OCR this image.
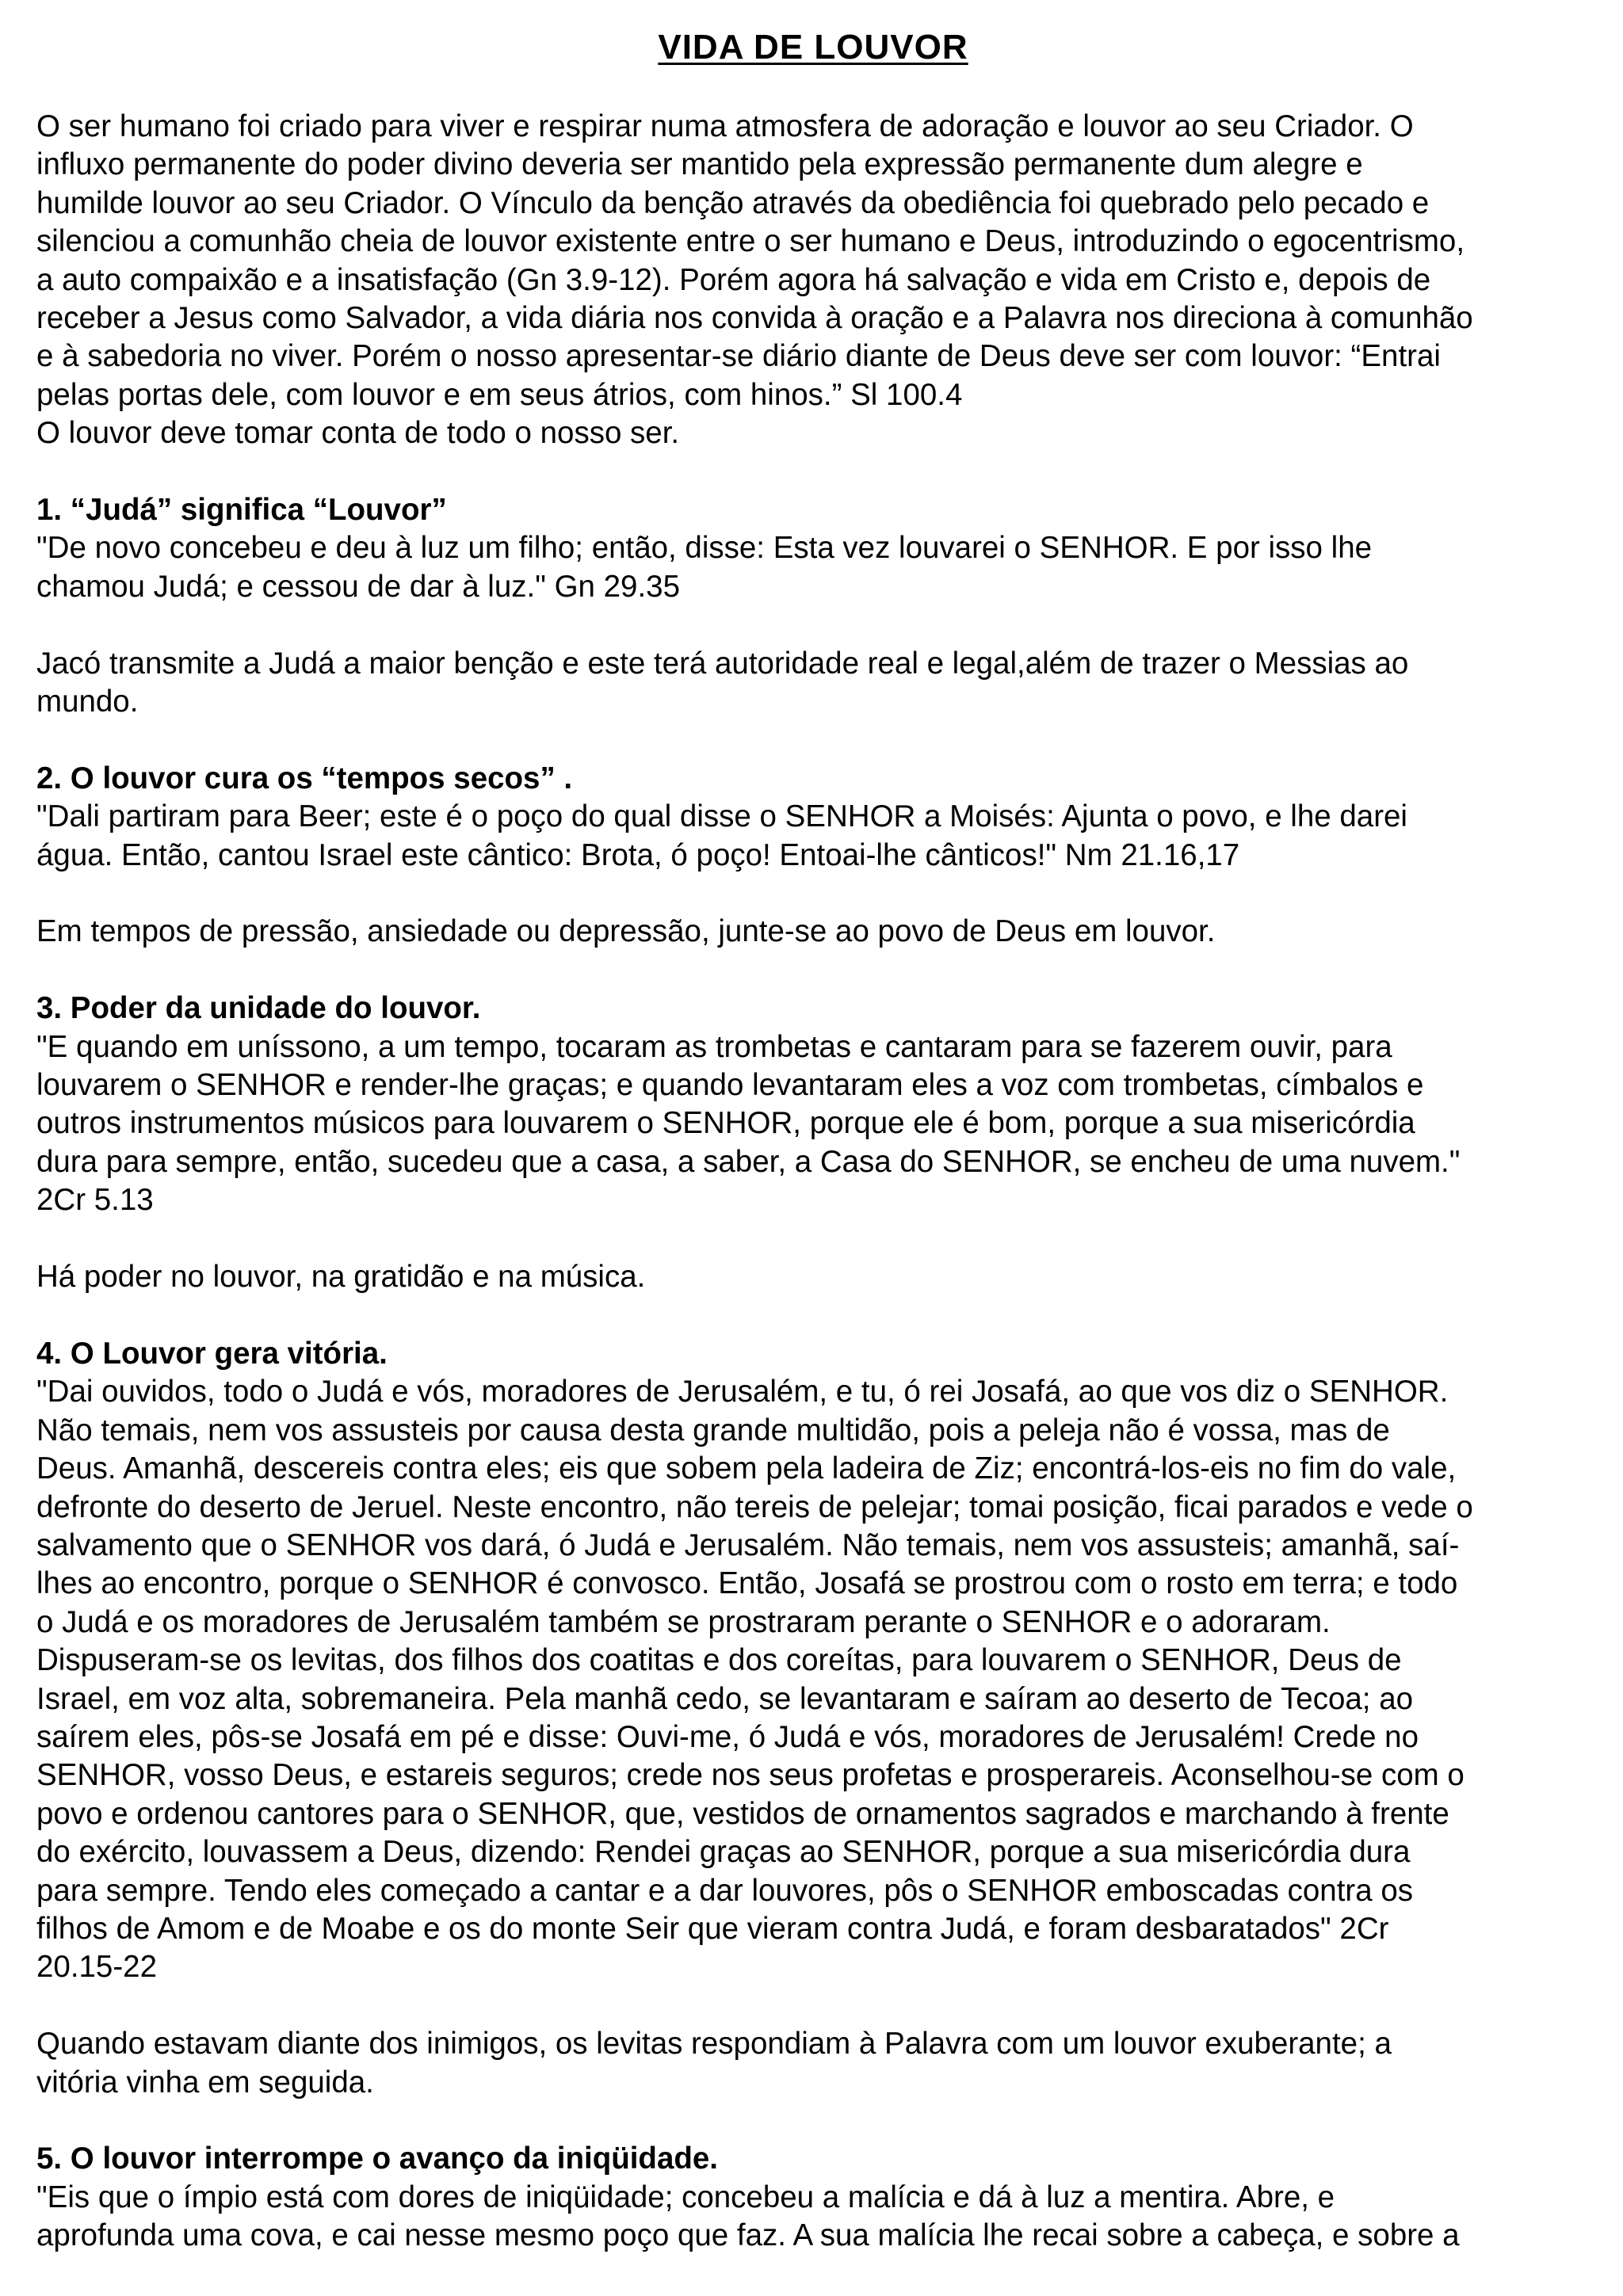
VIDA DE LOUVOR
O ser humano foi criado para viver e respirar numa atmosfera de adoração e louvor ao seu Criador. O
influxo permanente do poder divino deveria ser mantido pela expressão permanente dum alegre e
humilde louvor ao seu Criador. O Vínculo da benção através da obediência foi quebrado pelo pecado e
silenciou a comunhão cheia de louvor existente entre o ser humano e Deus, introduzindo o egocentrismo,
a auto compaixão e a insatisfação (Gn 3.9-12). Porém agora há salvação e vida em Cristo e, depois de
receber a Jesus como Salvador, a vida diária nos convida à oração e a Palavra nos direciona à comunhão
e à sabedoria no viver. Porém o nosso apresentar-se diário diante de Deus deve ser com louvor: “Entrai
pelas portas dele, com louvor e em seus átrios, com hinos.” Sl 100.4
O louvor deve tomar conta de todo o nosso ser.
1. “Judá” significa “Louvor”
"De novo concebeu e deu à luz um filho; então, disse: Esta vez louvarei o SENHOR. E por isso lhe
chamou Judá; e cessou de dar à luz." Gn 29.35
Jacó transmite a Judá a maior benção e este terá autoridade real e legal,além de trazer o Messias ao
mundo.
2. O louvor cura os “tempos secos” .
"Dali partiram para Beer; este é o poço do qual disse o SENHOR a Moisés: Ajunta o povo, e lhe darei
água. Então, cantou Israel este cântico: Brota, ó poço! Entoai-lhe cânticos!" Nm 21.16,17
Em tempos de pressão, ansiedade ou depressão, junte-se ao povo de Deus em louvor.
3. Poder da unidade do louvor.
"E quando em uníssono, a um tempo, tocaram as trombetas e cantaram para se fazerem ouvir, para
louvarem o SENHOR e render-lhe graças; e quando levantaram eles a voz com trombetas, címbalos e
outros instrumentos músicos para louvarem o SENHOR, porque ele é bom, porque a sua misericórdia
dura para sempre, então, sucedeu que a casa, a saber, a Casa do SENHOR, se encheu de uma nuvem."
2Cr 5.13
Há poder no louvor, na gratidão e na música.
4. O Louvor gera vitória.
"Dai ouvidos, todo o Judá e vós, moradores de Jerusalém, e tu, ó rei Josafá, ao que vos diz o SENHOR.
Não temais, nem vos assusteis por causa desta grande multidão, pois a peleja não é vossa, mas de
Deus. Amanhã, descereis contra eles; eis que sobem pela ladeira de Ziz; encontrá-los-eis no fim do vale,
defronte do deserto de Jeruel. Neste encontro, não tereis de pelejar; tomai posição, ficai parados e vede o
salvamento que o SENHOR vos dará, ó Judá e Jerusalém. Não temais, nem vos assusteis; amanhã, saí-
lhes ao encontro, porque o SENHOR é convosco. Então, Josafá se prostrou com o rosto em terra; e todo
o Judá e os moradores de Jerusalém também se prostraram perante o SENHOR e o adoraram.
Dispuseram-se os levitas, dos filhos dos coatitas e dos coreítas, para louvarem o SENHOR, Deus de
Israel, em voz alta, sobremaneira. Pela manhã cedo, se levantaram e saíram ao deserto de Tecoa; ao
saírem eles, pôs-se Josafá em pé e disse: Ouvi-me, ó Judá e vós, moradores de Jerusalém! Crede no
SENHOR, vosso Deus, e estareis seguros; crede nos seus profetas e prosperareis. Aconselhou-se com o
povo e ordenou cantores para o SENHOR, que, vestidos de ornamentos sagrados e marchando à frente
do exército, louvassem a Deus, dizendo: Rendei graças ao SENHOR, porque a sua misericórdia dura
para sempre. Tendo eles começado a cantar e a dar louvores, pôs o SENHOR emboscadas contra os
filhos de Amom e de Moabe e os do monte Seir que vieram contra Judá, e foram desbaratados" 2Cr
20.15-22
Quando estavam diante dos inimigos, os levitas respondiam à Palavra com um louvor exuberante; a
vitória vinha em seguida.
5. O louvor interrompe o avanço da iniqüidade.
"Eis que o ímpio está com dores de iniqüidade; concebeu a malícia e dá à luz a mentira. Abre, e
aprofunda uma cova, e cai nesse mesmo poço que faz. A sua malícia lhe recai sobre a cabeça, e sobre a
